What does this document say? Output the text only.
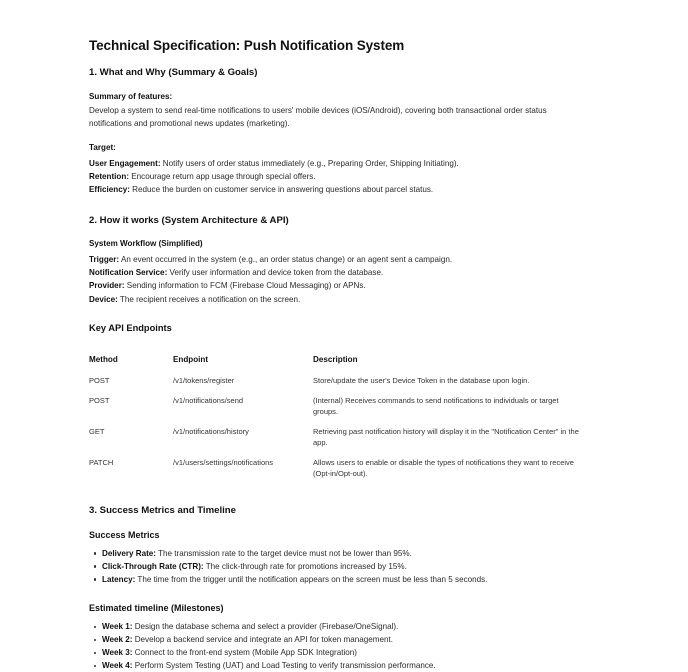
Technical Specification: Push Notification System
1. What and Why (Summary & Goals)
Summary of features:

Develop a system to send real-time notifications to users' mobile devices (iOS/Android), covering both transactional order status notifications and promotional news updates (marketing).

Target:
User Engagement: Notify users of order status immediately (e.g., Preparing Order, Shipping Initiating).
Retention: Encourage return app usage through special offers.
Efficiency: Reduce the burden on customer service in answering questions about parcel status.
2. How it works (System Architecture & API)
System Workflow (Simplified)
Trigger: An event occurred in the system (e.g., an order status change) or an agent sent a campaign.
Notification Service: Verify user information and device token from the database.
Provider: Sending information to FCM (Firebase Cloud Messaging) or APNs.
Device: The recipient receives a notification on the screen.
Key API Endpoints
Method	Endpoint	Description
POST	/v1/tokens/register	Store/update the user's Device Token in the database upon login.
POST	/v1/notifications/send	(Internal) Receives commands to send notifications to individuals or target groups.
GET	/v1/notifications/history	Retrieving past notification history will display it in the "Notification Center" in the app.
PATCH	/v1/users/settings/notifications	Allows users to enable or disable the types of notifications they want to receive (Opt-in/Opt-out).
3. Success Metrics and Timeline
Success Metrics
Delivery Rate: The transmission rate to the target device must not be lower than 95%.
Click-Through Rate (CTR): The click-through rate for promotions increased by 15%.
Latency: The time from the trigger until the notification appears on the screen must be less than 5 seconds.
Estimated timeline (Milestones)
Week 1: Design the database schema and select a provider (Firebase/OneSignal).
Week 2: Develop a backend service and integrate an API for token management.
Week 3: Connect to the front-end system (Mobile App SDK Integration)
Week 4: Perform System Testing (UAT) and Load Testing to verify transmission performance.
